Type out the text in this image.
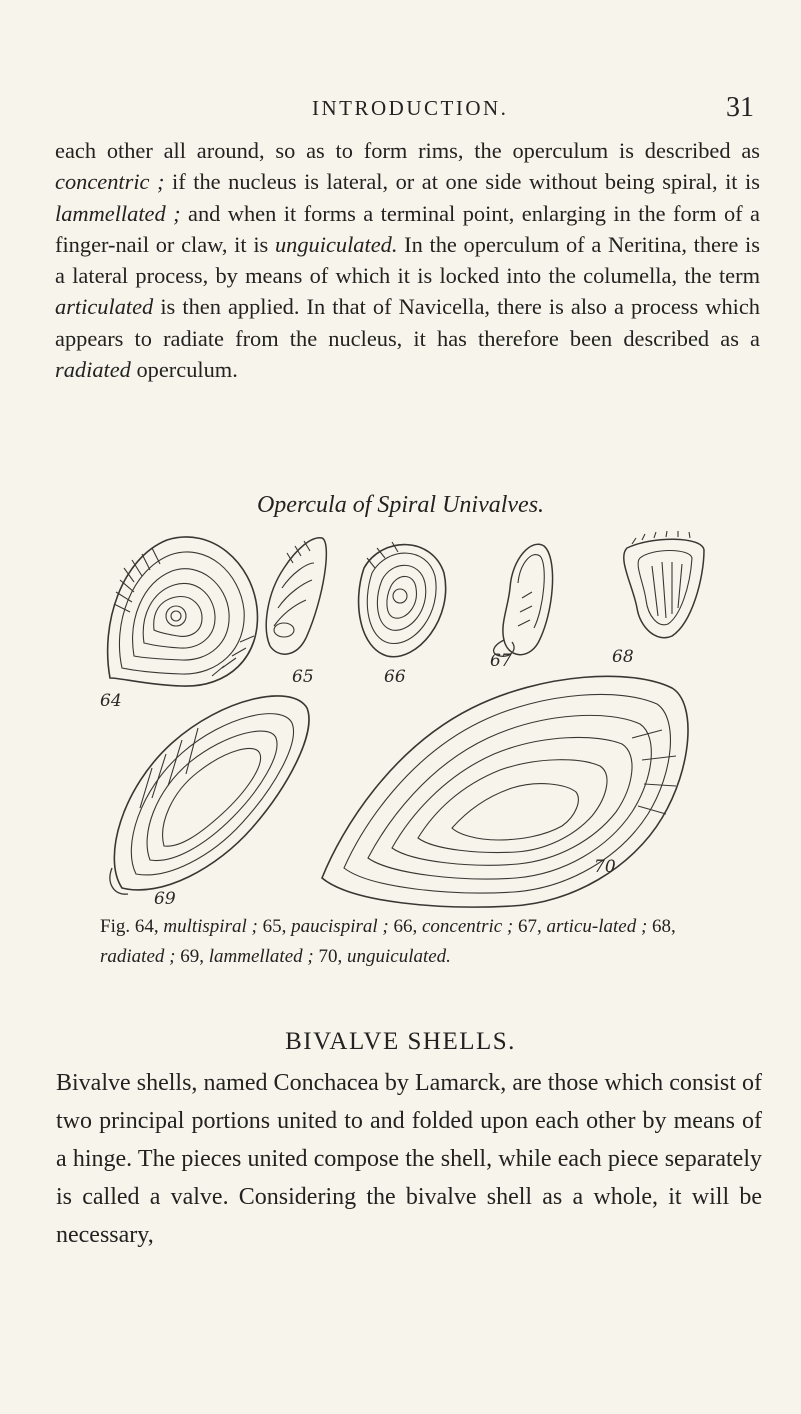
INTRODUCTION.	31

each other all around, so as to form rims, the operculum is described as concentric ; if the nucleus is lateral, or at one side without being spiral, it is lammellated ; and when it forms a terminal point, enlarging in the form of a finger-nail or claw, it is unguiculated. In the operculum of a Neritina, there is a lateral process, by means of which it is locked into the columella, the term articulated is then applied. In that of Navicella, there is also a process which appears to radiate from the nucleus, it has therefore been described as a radiated operculum.

Opercula of Spiral Univalves.
64
65	66
67	68
69
70

Fig. 64, multispiral ; 65, paucispiral ; 66, concentric ; 67, articu-lated ; 68, radiated ; 69, lammellated ; 70, unguiculated.

BIVALVE SHELLS.

Bivalve shells, named Conchacea by Lamarck, are those which consist of two principal portions united to and folded upon each other by means of a hinge. The pieces united compose the shell, while each piece separately is called a valve. Considering the bivalve shell as a whole, it will be necessary,
